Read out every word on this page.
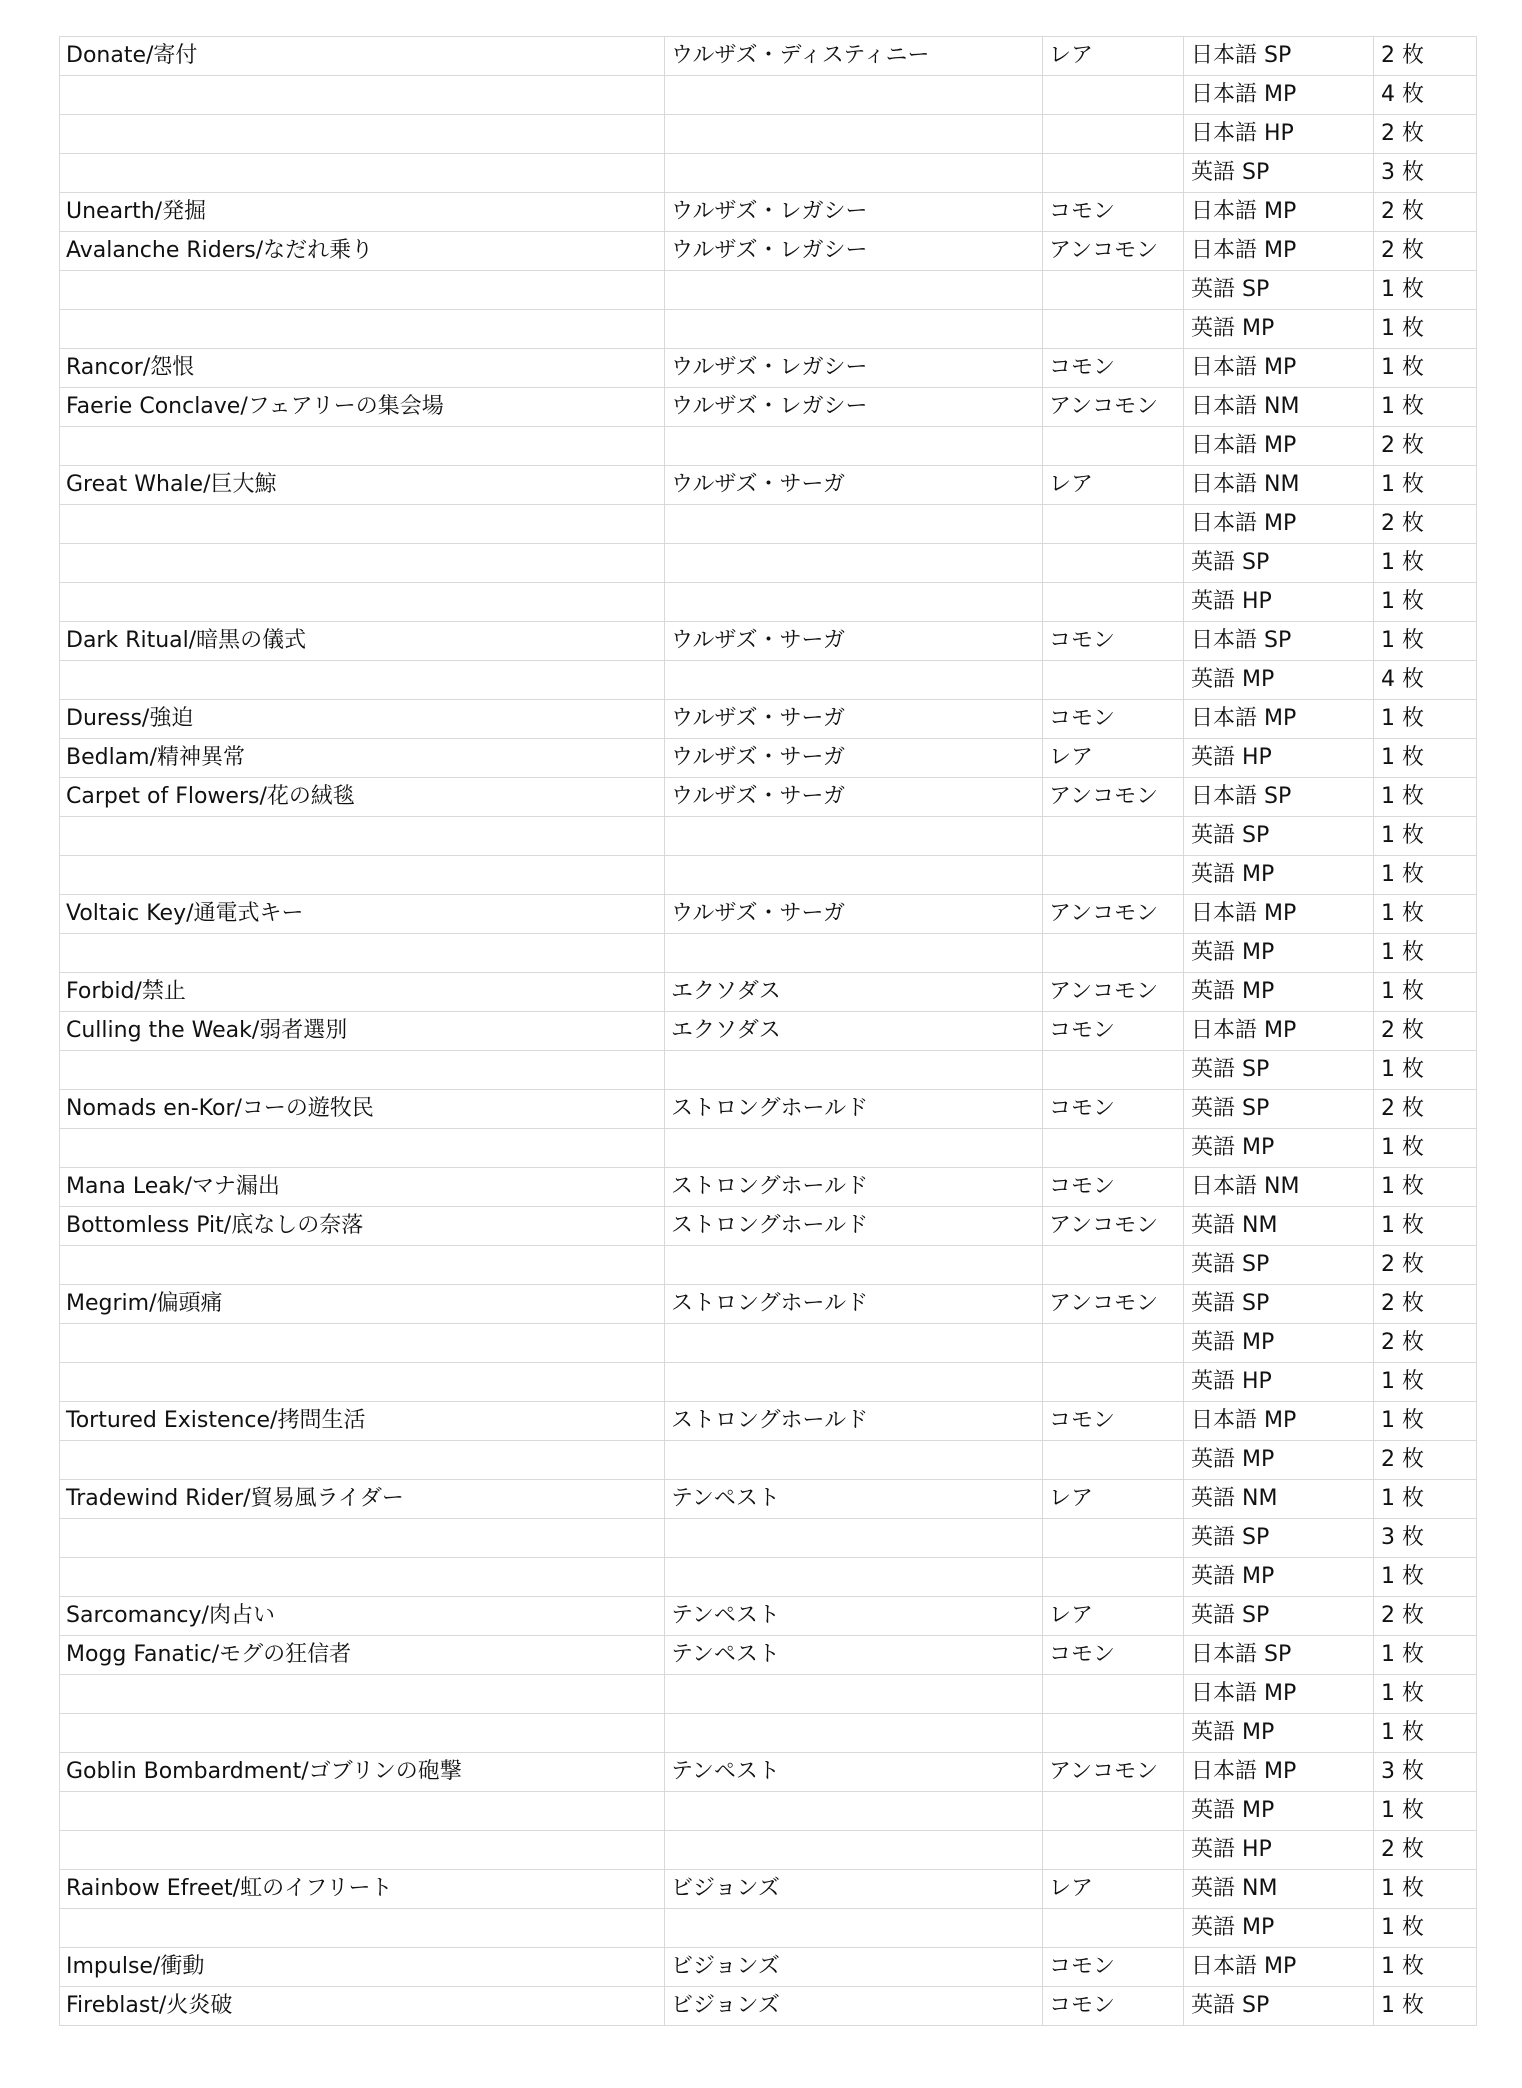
Donate/寄付	ウルザズ・ディスティニー	レア	日本語 SP	2 枚
			日本語 MP	4 枚
			日本語 HP	2 枚
			英語 SP	3 枚
Unearth/発掘	ウルザズ・レガシー	コモン	日本語 MP	2 枚
Avalanche Riders/なだれ乗り	ウルザズ・レガシー	アンコモン	日本語 MP	2 枚
			英語 SP	1 枚
			英語 MP	1 枚
Rancor/怨恨	ウルザズ・レガシー	コモン	日本語 MP	1 枚
Faerie Conclave/フェアリーの集会場	ウルザズ・レガシー	アンコモン	日本語 NM	1 枚
			日本語 MP	2 枚
Great Whale/巨大鯨	ウルザズ・サーガ	レア	日本語 NM	1 枚
			日本語 MP	2 枚
			英語 SP	1 枚
			英語 HP	1 枚
Dark Ritual/暗黒の儀式	ウルザズ・サーガ	コモン	日本語 SP	1 枚
			英語 MP	4 枚
Duress/強迫	ウルザズ・サーガ	コモン	日本語 MP	1 枚
Bedlam/精神異常	ウルザズ・サーガ	レア	英語 HP	1 枚
Carpet of Flowers/花の絨毯	ウルザズ・サーガ	アンコモン	日本語 SP	1 枚
			英語 SP	1 枚
			英語 MP	1 枚
Voltaic Key/通電式キー	ウルザズ・サーガ	アンコモン	日本語 MP	1 枚
			英語 MP	1 枚
Forbid/禁止	エクソダス	アンコモン	英語 MP	1 枚
Culling the Weak/弱者選別	エクソダス	コモン	日本語 MP	2 枚
			英語 SP	1 枚
Nomads en-Kor/コーの遊牧民	ストロングホールド	コモン	英語 SP	2 枚
			英語 MP	1 枚
Mana Leak/マナ漏出	ストロングホールド	コモン	日本語 NM	1 枚
Bottomless Pit/底なしの奈落	ストロングホールド	アンコモン	英語 NM	1 枚
			英語 SP	2 枚
Megrim/偏頭痛	ストロングホールド	アンコモン	英語 SP	2 枚
			英語 MP	2 枚
			英語 HP	1 枚
Tortured Existence/拷問生活	ストロングホールド	コモン	日本語 MP	1 枚
			英語 MP	2 枚
Tradewind Rider/貿易風ライダー	テンペスト	レア	英語 NM	1 枚
			英語 SP	3 枚
			英語 MP	1 枚
Sarcomancy/肉占い	テンペスト	レア	英語 SP	2 枚
Mogg Fanatic/モグの狂信者	テンペスト	コモン	日本語 SP	1 枚
			日本語 MP	1 枚
			英語 MP	1 枚
Goblin Bombardment/ゴブリンの砲撃	テンペスト	アンコモン	日本語 MP	3 枚
			英語 MP	1 枚
			英語 HP	2 枚
Rainbow Efreet/虹のイフリート	ビジョンズ	レア	英語 NM	1 枚
			英語 MP	1 枚
Impulse/衝動	ビジョンズ	コモン	日本語 MP	1 枚
Fireblast/火炎破	ビジョンズ	コモン	英語 SP	1 枚
